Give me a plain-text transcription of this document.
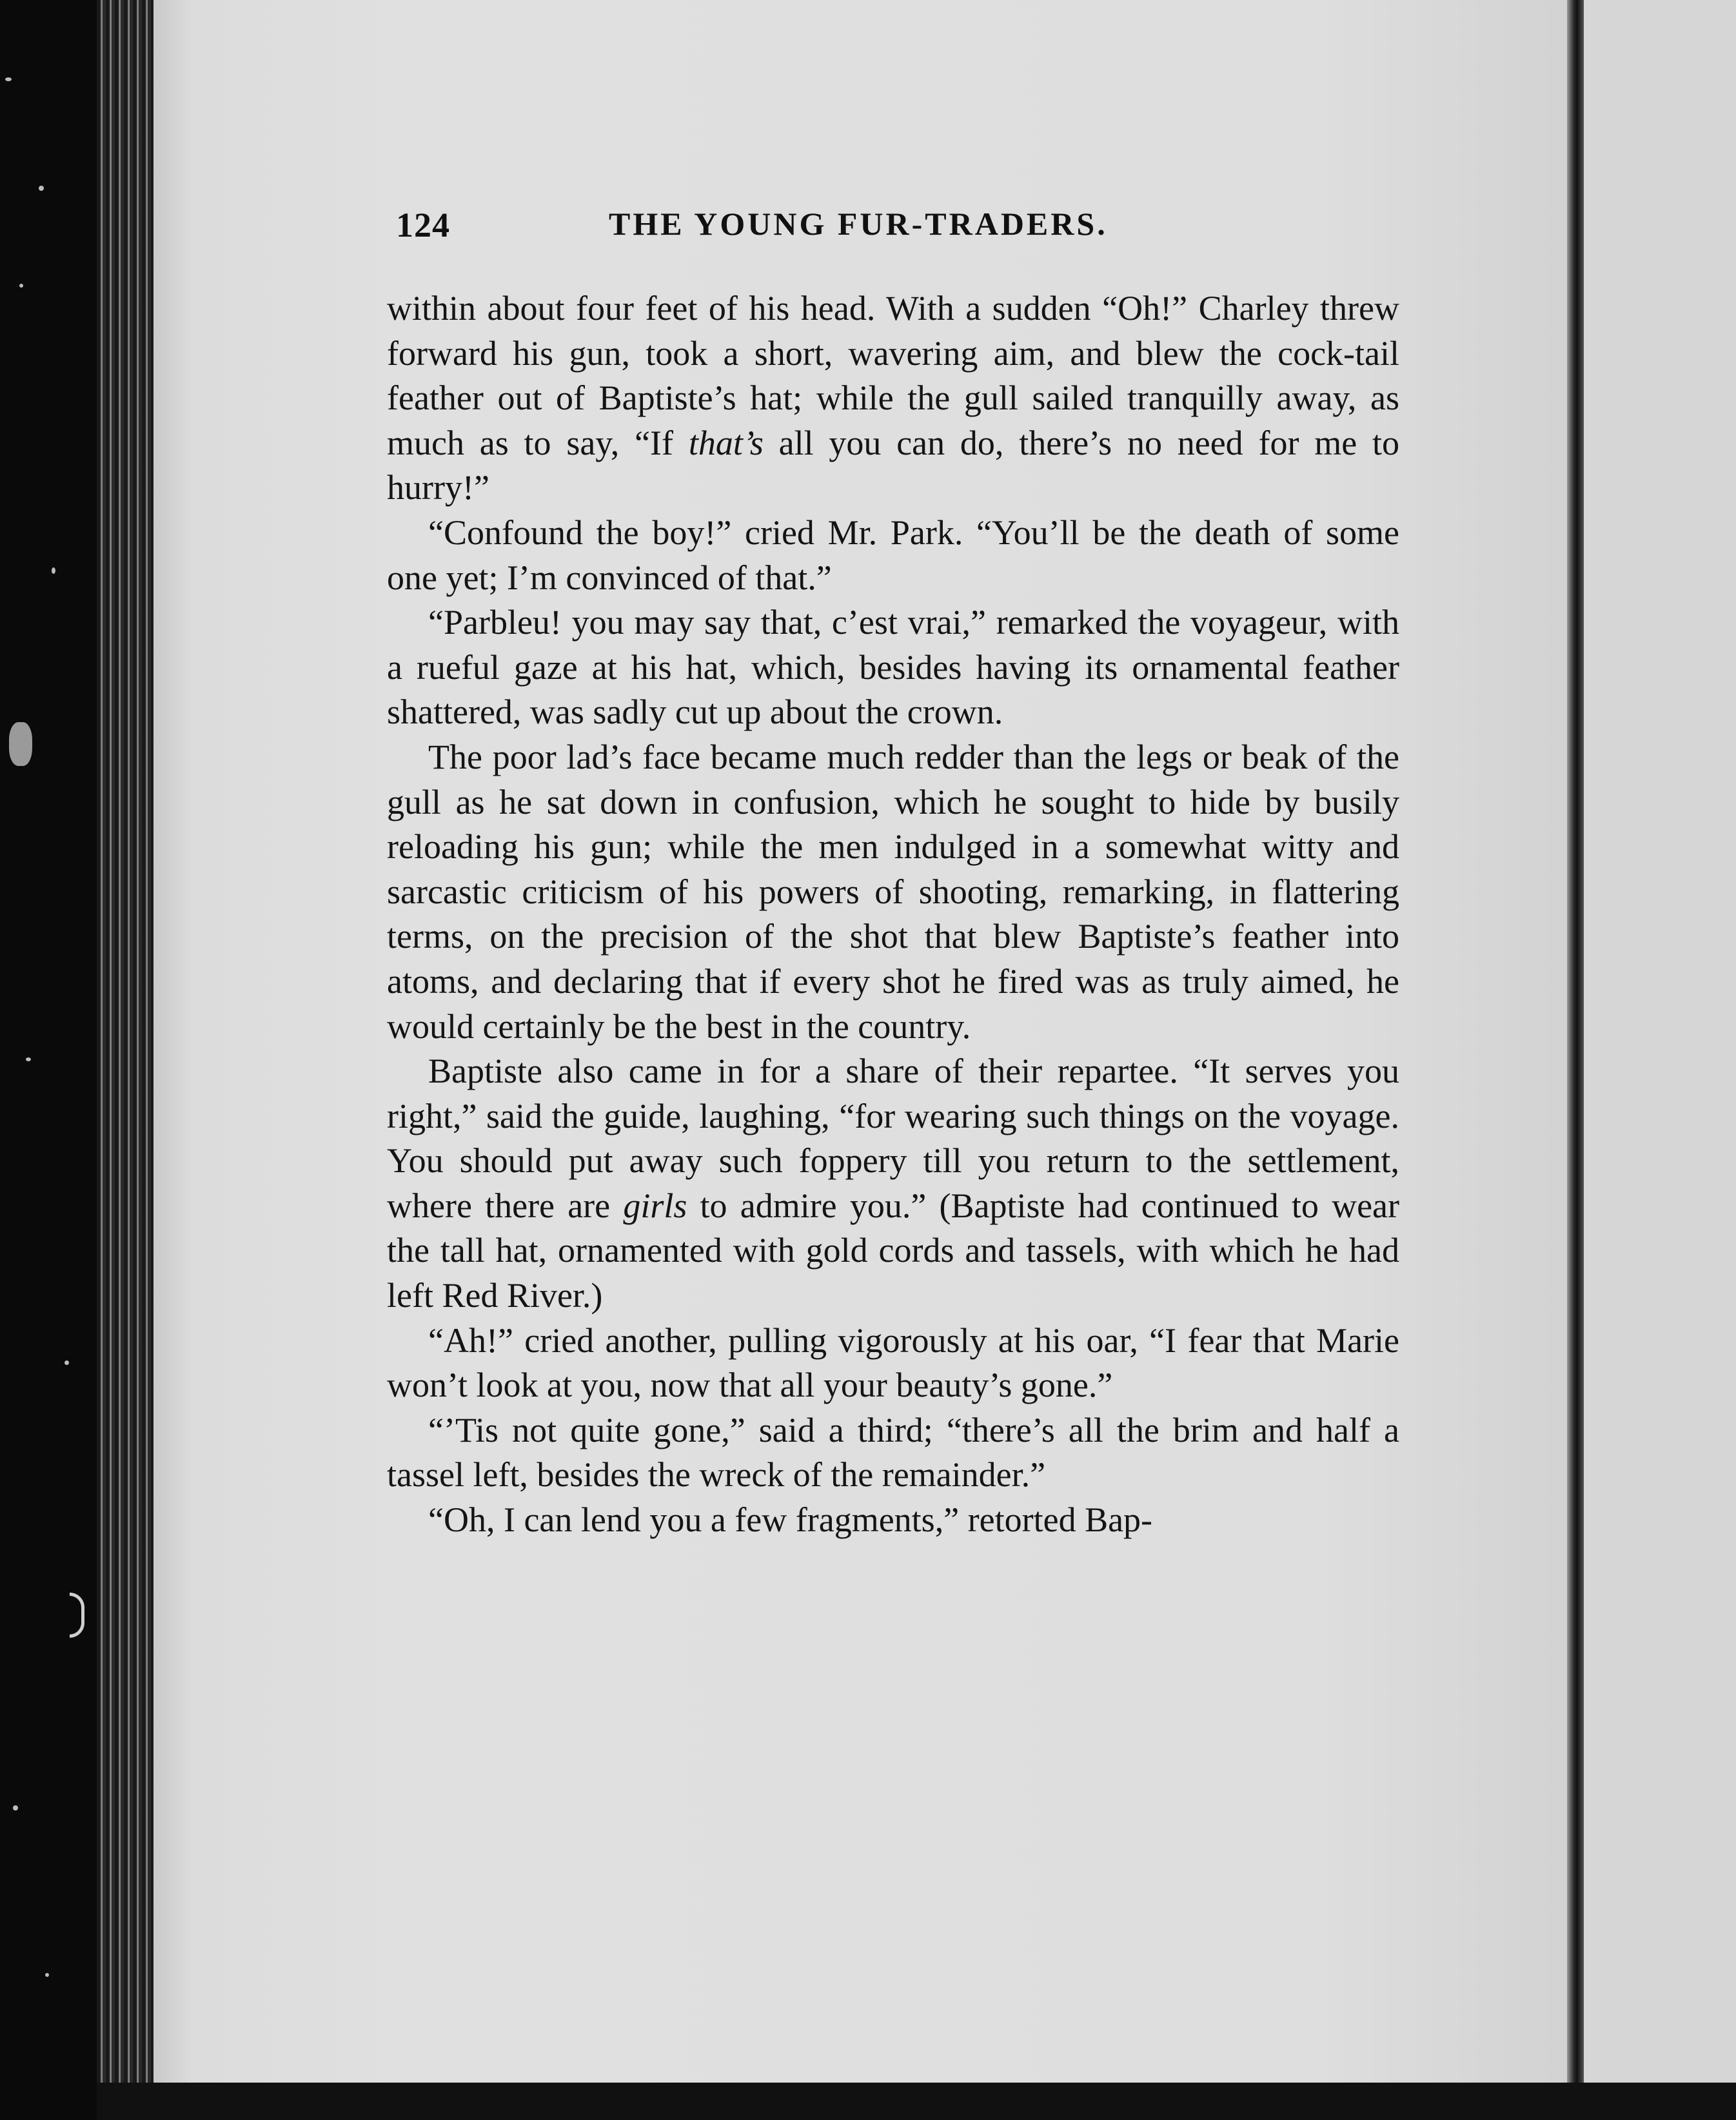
124	THE YOUNG FUR-TRADERS.

within about four feet of his head. With a sudden “Oh!” Charley threw forward his gun, took a short, wavering aim, and blew the cock-tail feather out of Baptiste’s hat; while the gull sailed tranquilly away, as much as to say, “If that’s all you can do, there’s no need for me to hurry!”

“Confound the boy!” cried Mr. Park. “You’ll be the death of some one yet; I’m convinced of that.”

“Parbleu! you may say that, c’est vrai,” remarked the voyageur, with a rueful gaze at his hat, which, besides having its ornamental feather shattered, was sadly cut up about the crown.

The poor lad’s face became much redder than the legs or beak of the gull as he sat down in confusion, which he sought to hide by busily reloading his gun; while the men indulged in a somewhat witty and sarcastic criticism of his powers of shooting, remarking, in flattering terms, on the precision of the shot that blew Baptiste’s feather into atoms, and declaring that if every shot he fired was as truly aimed, he would certainly be the best in the country.

Baptiste also came in for a share of their repartee. “It serves you right,” said the guide, laughing, “for wearing such things on the voyage. You should put away such foppery till you return to the settlement, where there are girls to admire you.” (Baptiste had continued to wear the tall hat, ornamented with gold cords and tassels, with which he had left Red River.)

“Ah!” cried another, pulling vigorously at his oar, “I fear that Marie won’t look at you, now that all your beauty’s gone.”

“’Tis not quite gone,” said a third; “there’s all the brim and half a tassel left, besides the wreck of the remainder.”

“Oh, I can lend you a few fragments,” retorted Bap-
